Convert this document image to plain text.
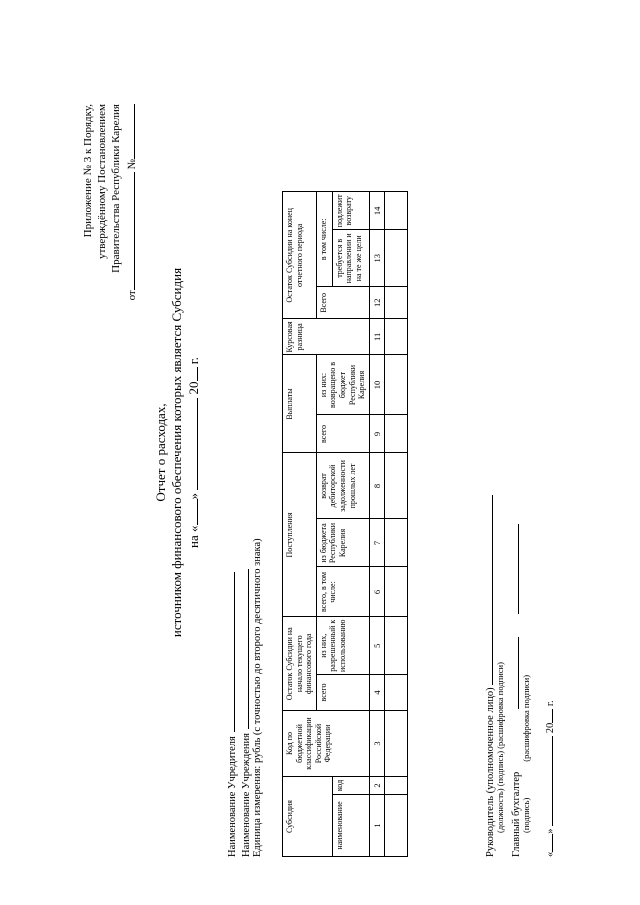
Приложение № 3 к Порядку, утверждённому Постановлением Правительства Республики Карелия
от №
Отчет о расходах, источником финансового обеспечения которых является Субсидия на «»  20 г.
Наименование Учредителя Наименование Учреждения Единица измерения: рубль (с точностью до второго десятичного знака)	Субсидия		Код по бюджетной классификации Российской Федерации	Остаток Субсидии на начало текущего финансового года		Поступления			Выплаты		Курсовая разница	Остаток Субсидии на конец отчетного периода		
			всего	из них, разрешенный к использованию	всего, в том числе:	из бюджета Республики Карелия	возврат дебиторской задолженности прошлых лет	всего	из них: возвращено в бюджет Республики Карелия		Всего	в том числе:	
наименование	код											требуется в направлении и на те же цели	подлежит возврату
1	2	3	4	5	6	7	8	9	10	11	12	13	14

Руководитель (уполномоченное лицо) (должность) (подпись) (расшифровка подписи) Главный бухгалтер (подпись)(расшифровка подписи)
«»  20 г.
